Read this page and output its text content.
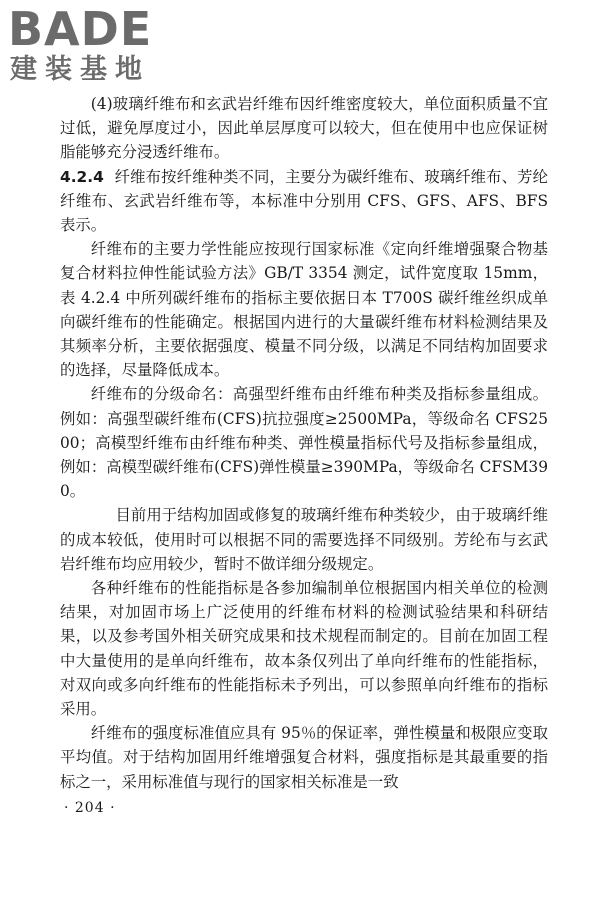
BADE
建装基地

(4)玻璃纤维布和玄武岩纤维布因纤维密度较大，单位面积质量不宜过低，避免厚度过小，因此单层厚度可以较大，但在使用中也应保证树脂能够充分浸透纤维布。

4.2.4 纤维布按纤维种类不同，主要分为碳纤维布、玻璃纤维布、芳纶纤维布、玄武岩纤维布等，本标准中分别用 CFS、GFS、AFS、BFS 表示。

纤维布的主要力学性能应按现行国家标准《定向纤维增强聚合物基复合材料拉伸性能试验方法》GB/T 3354 测定，试件宽度取 15mm，表 4.2.4 中所列碳纤维布的指标主要依据日本 T700S 碳纤维丝织成单向碳纤维布的性能确定。根据国内进行的大量碳纤维布材料检测结果及其频率分析，主要依据强度、模量不同分级，以满足不同结构加固要求的选择，尽量降低成本。

纤维布的分级命名：高强型纤维布由纤维布种类及指标参量组成。例如：高强型碳纤维布(CFS)抗拉强度≥2500MPa，等级命名 CFS2500；高模型纤维布由纤维布种类、弹性模量指标代号及指标参量组成，例如：高模型碳纤维布(CFS)弹性模量≥390MPa，等级命名 CFSM390。

目前用于结构加固或修复的玻璃纤维布种类较少，由于玻璃纤维的成本较低，使用时可以根据不同的需要选择不同级别。芳纶布与玄武岩纤维布均应用较少，暂时不做详细分级规定。

各种纤维布的性能指标是各参加编制单位根据国内相关单位的检测结果，对加固市场上广泛使用的纤维布材料的检测试验结果和科研结果，以及参考国外相关研究成果和技术规程而制定的。目前在加固工程中大量使用的是单向纤维布，故本条仅列出了单向纤维布的性能指标，对双向或多向纤维布的性能指标未予列出，可以参照单向纤维布的指标采用。

纤维布的强度标准值应具有 95％的保证率，弹性模量和极限应变取平均值。对于结构加固用纤维增强复合材料，强度指标是其最重要的指标之一，采用标准值与现行的国家相关标准是一致

· 204 ·
